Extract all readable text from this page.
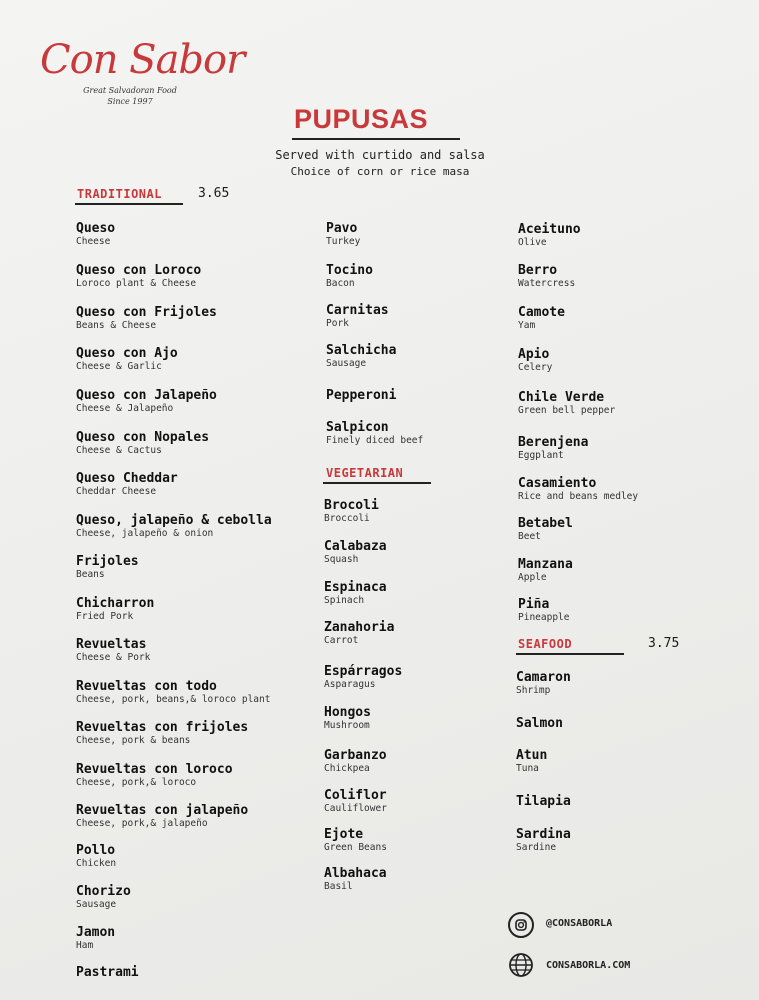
Con Sabor
Great Salvadoran Food
Since 1997
PUPUSAS
Served with curtido and salsa
Choice of corn or rice masa
TRADITIONAL	3.65
Queso
Cheese
Queso con Loroco
Loroco plant & Cheese
Queso con Frijoles
Beans & Cheese
Queso con Ajo
Cheese & Garlic
Queso con Jalapeño
Cheese & Jalapeño
Queso con Nopales
Cheese & Cactus
Queso Cheddar
Cheddar Cheese
Queso, jalapeño & cebolla
Cheese, jalapeño & onion
Frijoles
Beans
Chicharron
Fried Pork
Revueltas
Cheese & Pork
Revueltas con todo
Cheese, pork, beans,& loroco plant
Revueltas con frijoles
Cheese, pork & beans
Revueltas con loroco
Cheese, pork,& loroco
Revueltas con jalapeño
Cheese, pork,& jalapeño
Pollo
Chicken
Chorizo
Sausage
Jamon
Ham
Pastrami
Pavo
Turkey
Tocino
Bacon
Carnitas
Pork
Salchicha
Sausage
Pepperoni
Salpicon
Finely diced beef
VEGETARIAN
Brocoli
Broccoli
Calabaza
Squash
Espinaca
Spinach
Zanahoria
Carrot
Espárragos
Asparagus
Hongos
Mushroom
Garbanzo
Chickpea
Coliflor
Cauliflower
Ejote
Green Beans
Albahaca
Basil
Aceituno
Olive
Berro
Watercress
Camote
Yam
Apio
Celery
Chile Verde
Green bell pepper
Berenjena
Eggplant
Casamiento
Rice and beans medley
Betabel
Beet
Manzana
Apple
Piña
Pineapple
SEAFOOD	3.75
Camaron
Shrimp
Salmon
Atun
Tuna
Tilapia
Sardina
Sardine
@CONSABORLA
CONSABORLA.COM
